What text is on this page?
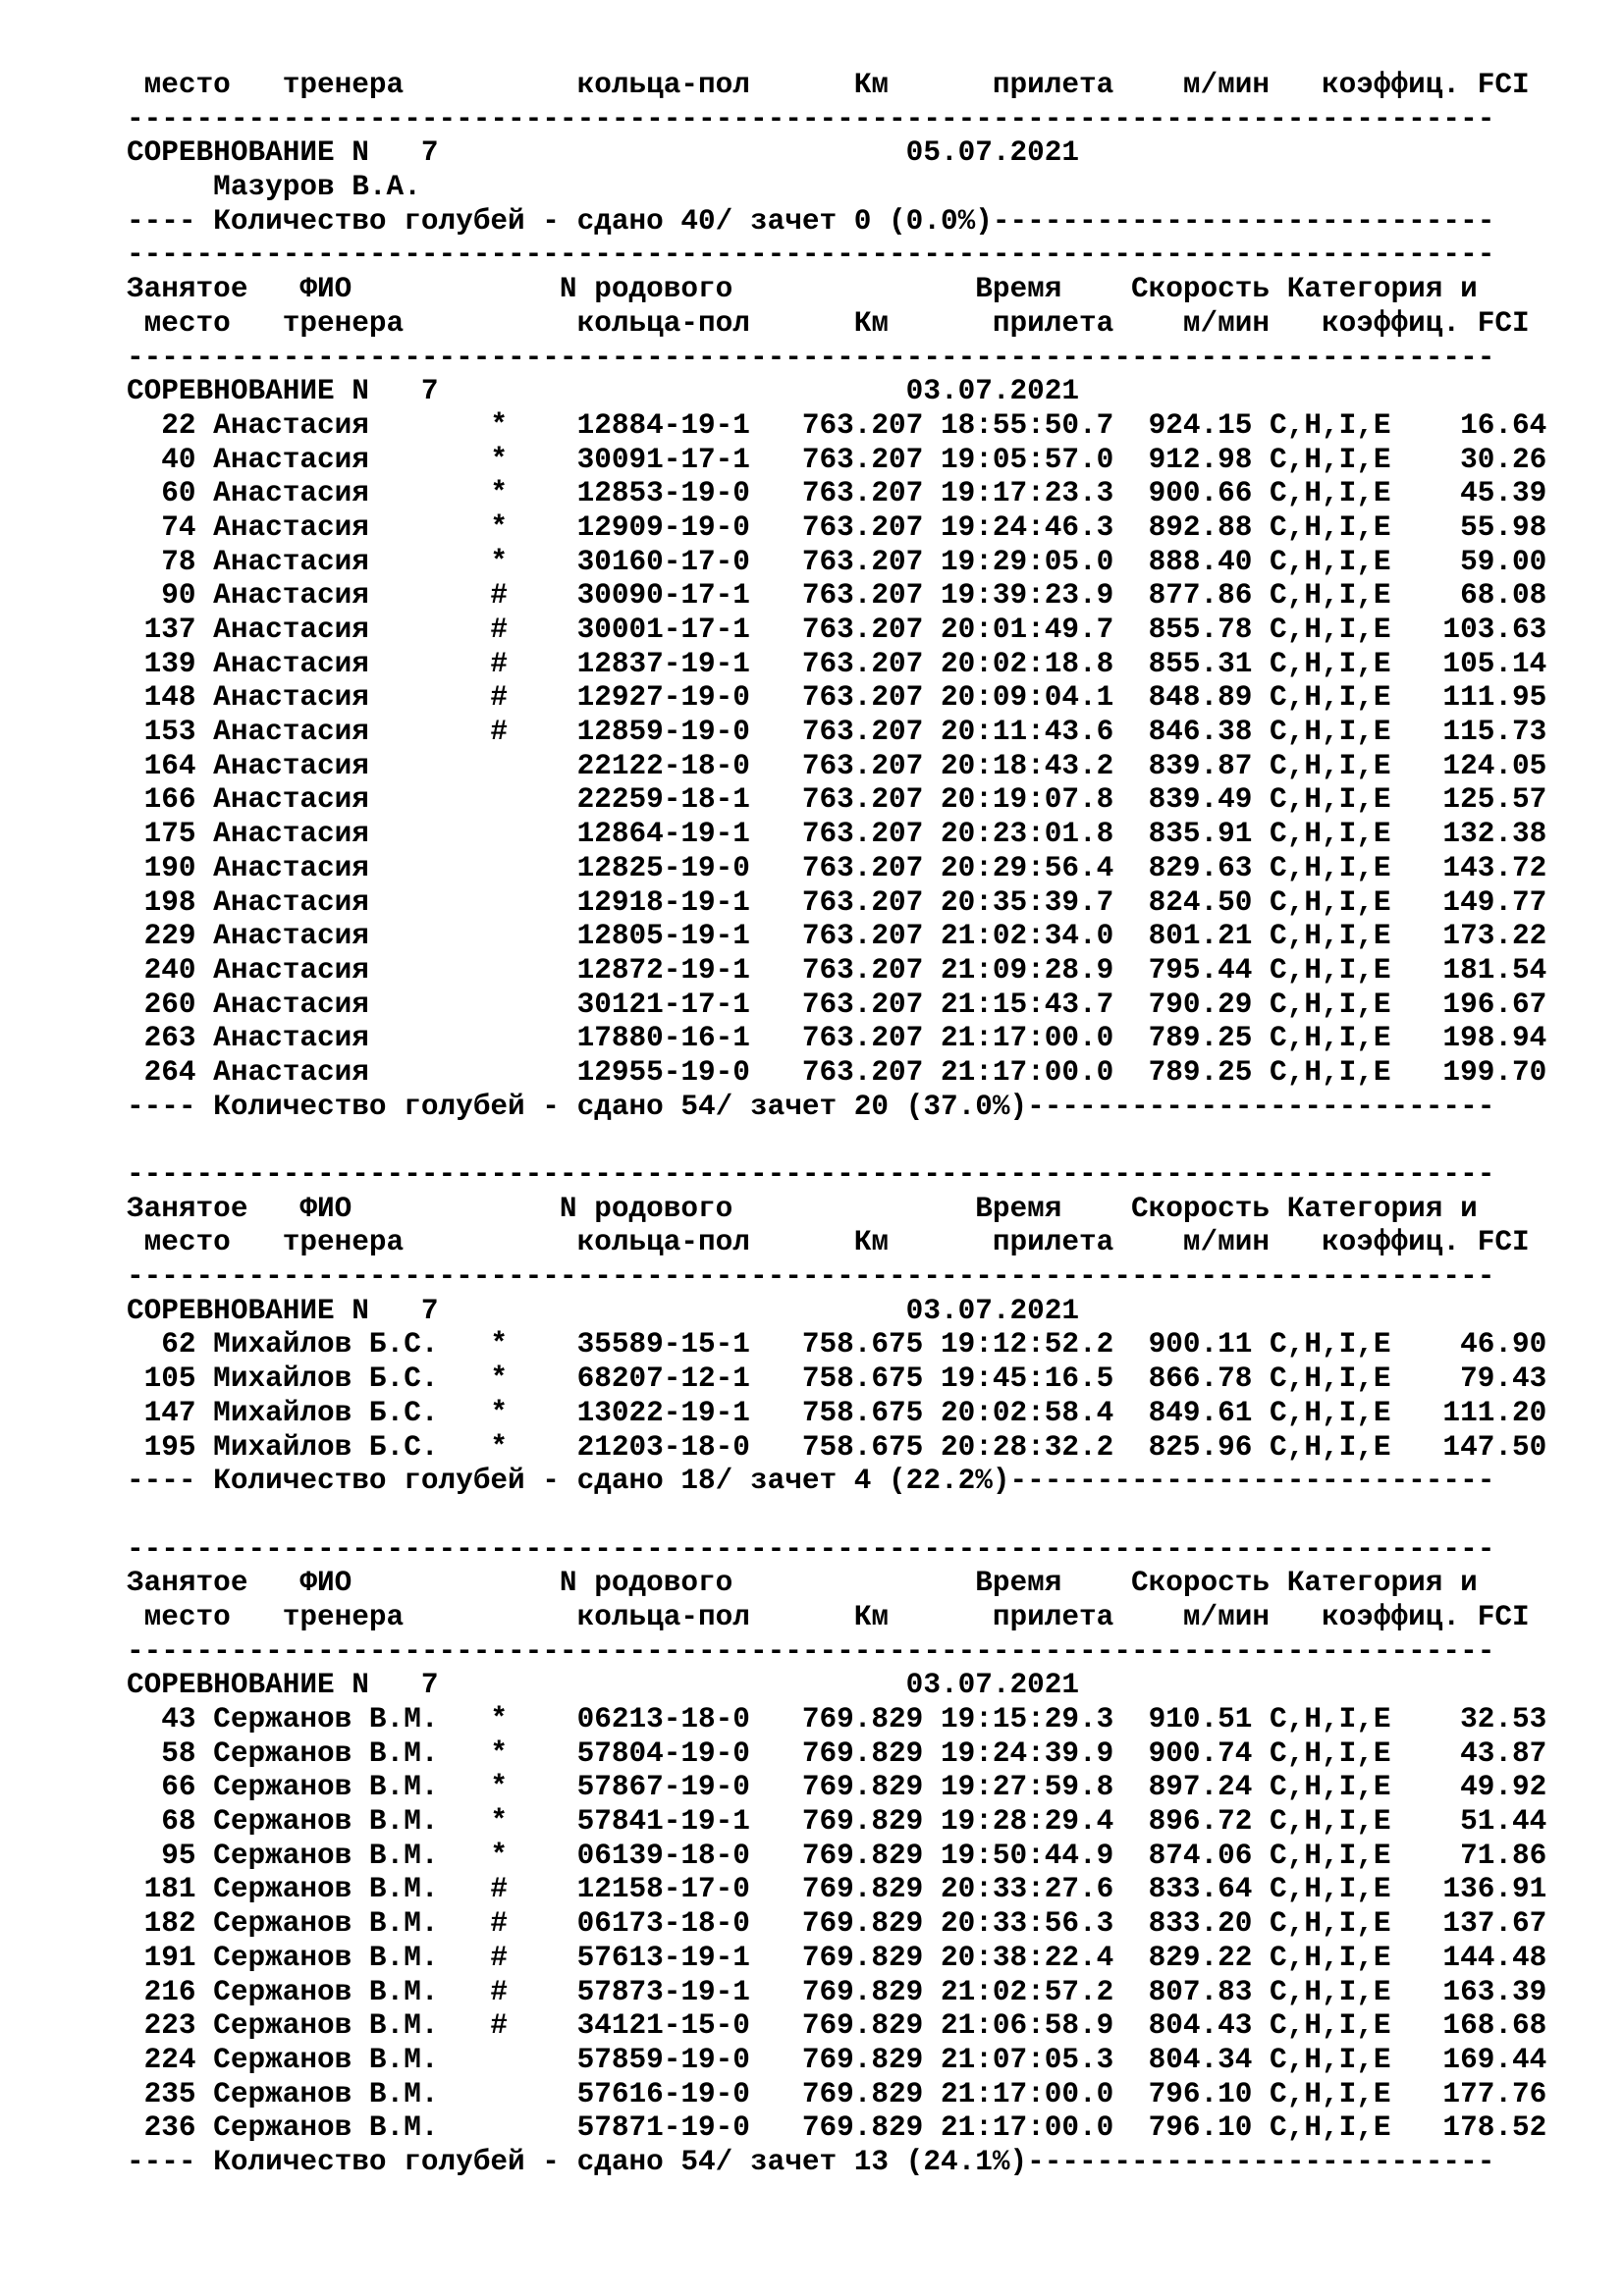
место   тренера          кольца-пол      Км      прилета    м/мин   коэффиц. FCI
-------------------------------------------------------------------------------
СОРЕВНОВАНИЕ N   7                           05.07.2021
Мазуров В.А.
---- Количество голубей - сдано 40/ зачет 0 (0.0%)-----------------------------
-------------------------------------------------------------------------------
Занятое   ФИО            N родового              Время    Скорость Категория и
место   тренера          кольца-пол      Км      прилета    м/мин   коэффиц. FCI
-------------------------------------------------------------------------------
СОРЕВНОВАНИЕ N   7                           03.07.2021
22 Анастасия       *    12884-19-1   763.207 18:55:50.7  924.15 C,H,I,E    16.64
40 Анастасия       *    30091-17-1   763.207 19:05:57.0  912.98 C,H,I,E    30.26
60 Анастасия       *    12853-19-0   763.207 19:17:23.3  900.66 C,H,I,E    45.39
74 Анастасия       *    12909-19-0   763.207 19:24:46.3  892.88 C,H,I,E    55.98
78 Анастасия       *    30160-17-0   763.207 19:29:05.0  888.40 C,H,I,E    59.00
90 Анастасия       #    30090-17-1   763.207 19:39:23.9  877.86 C,H,I,E    68.08
137 Анастасия       #    30001-17-1   763.207 20:01:49.7  855.78 C,H,I,E   103.63
139 Анастасия       #    12837-19-1   763.207 20:02:18.8  855.31 C,H,I,E   105.14
148 Анастасия       #    12927-19-0   763.207 20:09:04.1  848.89 C,H,I,E   111.95
153 Анастасия       #    12859-19-0   763.207 20:11:43.6  846.38 C,H,I,E   115.73
164 Анастасия            22122-18-0   763.207 20:18:43.2  839.87 C,H,I,E   124.05
166 Анастасия            22259-18-1   763.207 20:19:07.8  839.49 C,H,I,E   125.57
175 Анастасия            12864-19-1   763.207 20:23:01.8  835.91 C,H,I,E   132.38
190 Анастасия            12825-19-0   763.207 20:29:56.4  829.63 C,H,I,E   143.72
198 Анастасия            12918-19-1   763.207 20:35:39.7  824.50 C,H,I,E   149.77
229 Анастасия            12805-19-1   763.207 21:02:34.0  801.21 C,H,I,E   173.22
240 Анастасия            12872-19-1   763.207 21:09:28.9  795.44 C,H,I,E   181.54
260 Анастасия            30121-17-1   763.207 21:15:43.7  790.29 C,H,I,E   196.67
263 Анастасия            17880-16-1   763.207 21:17:00.0  789.25 C,H,I,E   198.94
264 Анастасия            12955-19-0   763.207 21:17:00.0  789.25 C,H,I,E   199.70
---- Количество голубей - сдано 54/ зачет 20 (37.0%)---------------------------
-------------------------------------------------------------------------------
Занятое   ФИО            N родового              Время    Скорость Категория и
место   тренера          кольца-пол      Км      прилета    м/мин   коэффиц. FCI
-------------------------------------------------------------------------------
СОРЕВНОВАНИЕ N   7                           03.07.2021
62 Михайлов Б.С.   *    35589-15-1   758.675 19:12:52.2  900.11 C,H,I,E    46.90
105 Михайлов Б.С.   *    68207-12-1   758.675 19:45:16.5  866.78 C,H,I,E    79.43
147 Михайлов Б.С.   *    13022-19-1   758.675 20:02:58.4  849.61 C,H,I,E   111.20
195 Михайлов Б.С.   *    21203-18-0   758.675 20:28:32.2  825.96 C,H,I,E   147.50
---- Количество голубей - сдано 18/ зачет 4 (22.2%)----------------------------
-------------------------------------------------------------------------------
Занятое   ФИО            N родового              Время    Скорость Категория и
место   тренера          кольца-пол      Км      прилета    м/мин   коэффиц. FCI
-------------------------------------------------------------------------------
СОРЕВНОВАНИЕ N   7                           03.07.2021
43 Сержанов В.М.   *    06213-18-0   769.829 19:15:29.3  910.51 C,H,I,E    32.53
58 Сержанов В.М.   *    57804-19-0   769.829 19:24:39.9  900.74 C,H,I,E    43.87
66 Сержанов В.М.   *    57867-19-0   769.829 19:27:59.8  897.24 C,H,I,E    49.92
68 Сержанов В.М.   *    57841-19-1   769.829 19:28:29.4  896.72 C,H,I,E    51.44
95 Сержанов В.М.   *    06139-18-0   769.829 19:50:44.9  874.06 C,H,I,E    71.86
181 Сержанов В.М.   #    12158-17-0   769.829 20:33:27.6  833.64 C,H,I,E   136.91
182 Сержанов В.М.   #    06173-18-0   769.829 20:33:56.3  833.20 C,H,I,E   137.67
191 Сержанов В.М.   #    57613-19-1   769.829 20:38:22.4  829.22 C,H,I,E   144.48
216 Сержанов В.М.   #    57873-19-1   769.829 21:02:57.2  807.83 C,H,I,E   163.39
223 Сержанов В.М.   #    34121-15-0   769.829 21:06:58.9  804.43 C,H,I,E   168.68
224 Сержанов В.М.        57859-19-0   769.829 21:07:05.3  804.34 C,H,I,E   169.44
235 Сержанов В.М.        57616-19-0   769.829 21:17:00.0  796.10 C,H,I,E   177.76
236 Сержанов В.М.        57871-19-0   769.829 21:17:00.0  796.10 C,H,I,E   178.52
---- Количество голубей - сдано 54/ зачет 13 (24.1%)---------------------------
